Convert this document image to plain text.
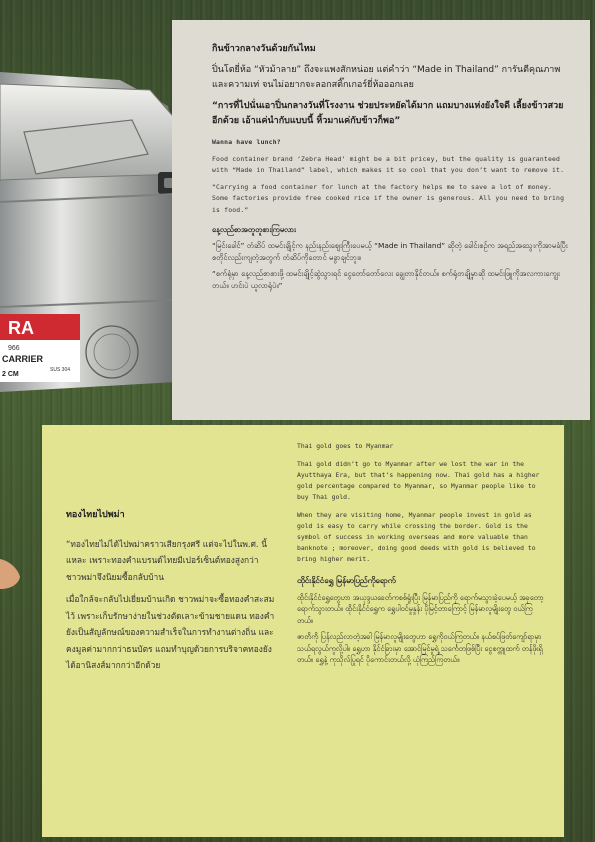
RA
966
CARRIER
SUS 304
2 CM

กินข้าวกลางวันด้วยกันไหม

ปิ่นโตยี่ห้อ “หัวม้าลาย” ถึงจะแพงสักหน่อย แต่คำว่า “Made in Thailand” การันตีคุณภาพและความเท่ จนไม่อยากจะลอกสติ๊กเกอร์ยี่ห้อออกเลย

“การที่ไปนั่นเอาปิ่นกลางวันที่โรงงาน ช่วยประหยัดได้มาก แถมบางแห่งยังใจดี เลี้ยงข้าวสวยอีกด้วย เอ้าแค่นำกับแบบนี้ หิ้วมาแค่กับข้าวก็พอ”

Wanna have lunch?

Food container brand ‘Zebra Head’ might be a bit pricey, but the quality is guaranteed with “Made in Thailand” label, which makes it so cool that you don’t want to remove it.

“Carrying a food container for lunch at the factory helps me to save a lot of money. Some factories provide free cooked rice if the owner is generous. All you need to bring is food.”

နေ့လည်စာအတူတူစားကြမလား

“မြင်းခေါင်” တံဆိပ် ထမင်းချိုင့်က နည်းနည်းဈေးကြီးပေမယ့် “Made in Thailand” ဆိုတဲ့ ခေါင်းစဉ်က အရည်အသွေးကိုအာမခံပြီး စတိုင်လည်းကျတဲ့အတွက် တံဆိပ်ကိုတောင် မခွာချင်ဘူး။

“စက်ရုံမှာ နေ့လည်စာစားဖို့ ထမင်းချိုင့်ဆွဲသွားရင် ငွေတော်တော်လေး ချွေတာနိုင်တယ်။ စက်ရုံတချို့မှာဆို ထမင်းဖြူကိုအလကားကျွေးတယ်။ ဟင်းပဲ ယူလာရုံပဲ။”

ทองไทยไปพม่า

“ทองไทยไม่ได้ไปพม่าคราวเสียกรุงศรี แต่จะไปในพ.ศ. นี้แหละ เพราะทองคำแบรนด์ไทยมีเปอร์เซ็นต์ทองสูงกว่า ชาวพม่าจึงนิยมซื้อกลับบ้าน

เมื่อใกล้จะกลับไปเยี่ยมบ้านเกิด ชาวพม่าจะซื้อทองคำสะสมไว้ เพราะเก็บรักษาง่ายในช่วงตัดเลาะข้ามชายแดน ทองคำยังเป็นสัญลักษณ์ของความสำเร็จในการทำงานต่างถิ่น และคงมูลค่ามากกว่าธนบัตร แถมทำบุญด้วยการบริจาคทองยังได้อานิสงส์มากกว่าอีกด้วย

Thai gold goes to Myanmar

Thai gold didn’t go to Myanmar after we lost the war in the Ayutthaya Era, but that’s happening now. Thai gold has a higher gold percentage compared to Myanmar, so Myanmar people like to buy Thai gold.

When they are visiting home, Myanmar people invest in gold as gold is easy to carry while crossing the border. Gold is the symbol of success in working overseas and more valuable than banknote ; moreover, doing good deeds with gold is believed to bring higher merit.

ထိုင်းနိုင်ငံရွှေ မြန်မာပြည်ကိုရောက်

ထိုင်းနိုင်ငံရွှေတွေဟာ အယုဒ္ဒယခေတ်ကစစ်ရှုံးပြီး မြန်မာပြည်ကို ရောက်မသွားခဲ့ပေမယ့် အခုတော့ ရောက်သွားတယ်။ ထိုင်းနိုင်ငံရွှေက ရွှေပါဝင်မှုနှုန်း ပိုမြင့်တာကြောင့် မြန်မာလူမျိုးတွေ ဝယ်ကြတယ်။

ဇာတိကို ပြန်လည်လာတဲ့အခါ မြန်မာလူမျိုးတွေဟာ ရွှေကိုဝယ်ကြတယ်။ နယ်စပ်ဖြတ်ကျော်ရာမှာ သယ်ရလွယ်ကူလို့ပါ။ ရွှေဟာ နိုင်ငံခြားမှာ အောင်မြင်မှုရဲ့ သင်္ကေတဖြစ်ပြီး ငွေစက္ကူထက် တန်ဖိုးရှိတယ်။ ရွှေနဲ့ ကုသိုလ်ပြုရင် ပိုကောင်းတယ်လို့ ယုံကြည်ကြတယ်။
